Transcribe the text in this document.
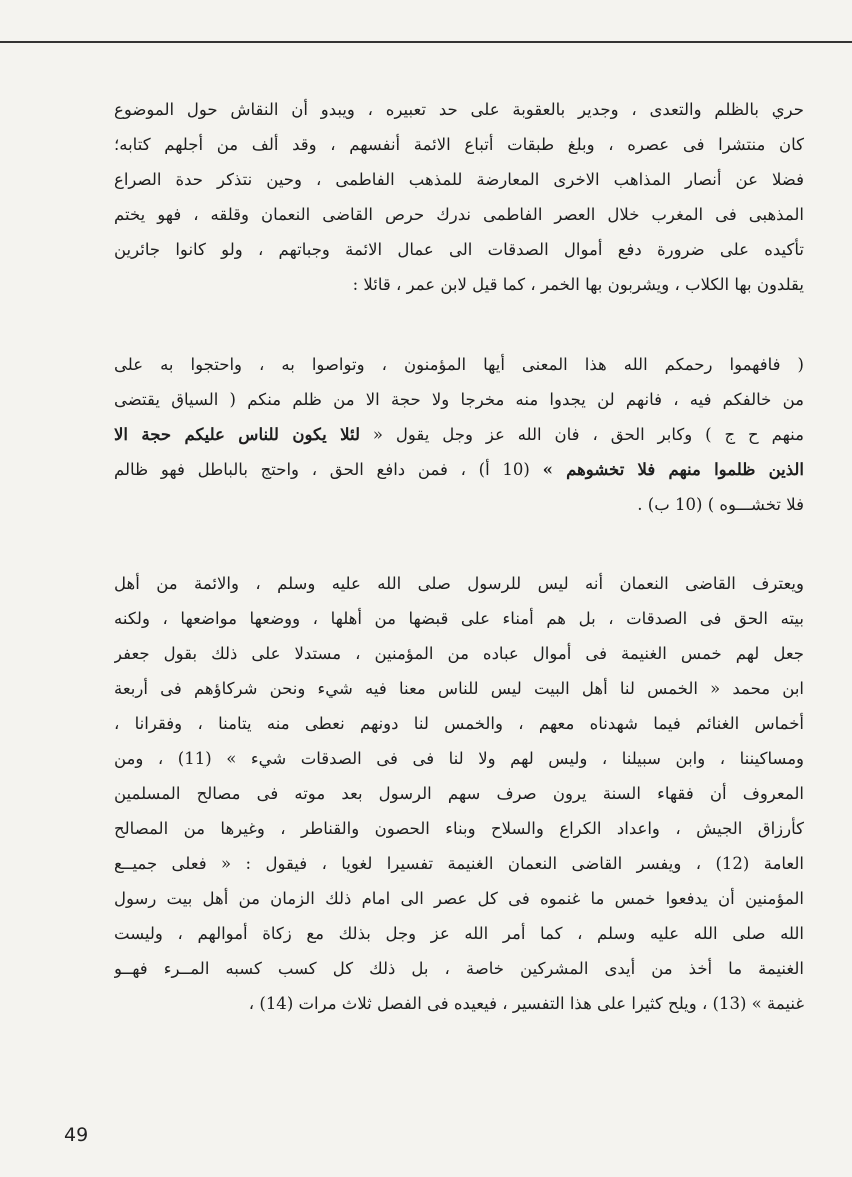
حري بالظلم والتعدى ، وجدير بالعقوبة على حد تعبيره ، ويبدو أن النقاش حول الموضوع
كان منتشرا فى عصره ، وبلغ طبقات أتباع الائمة أنفسهم ، وقد ألف من أجلهم كتابه؛
فضلا عن أنصار المذاهب الاخرى المعارضة للمذهب الفاطمى ، وحين نتذكر حدة الصراع
المذهبى فى المغرب خلال العصر الفاطمى ندرك حرص القاضى النعمان وقلقه ، فهو يختم
تأكيده على ضرورة دفع أموال الصدقات الى عمال الائمة وجباتهم ، ولو كانوا جائرين
يقلدون بها الكلاب ، ويشربون بها الخمر ، كما قيل لابن عمر ، قائلا :
( فافهموا رحمكم الله هذا المعنى أيها المؤمنون ، وتواصوا به ، واحتجوا به على
من خالفكم فيه ، فانهم لن يجدوا منه مخرجا ولا حجة الا من ظلم منكم ( السياق يقتضى
منهم ح ج ) وكابر الحق ، فان الله عز وجل يقول « لئلا يكون للناس عليكم حجة الا
الذين ظلموا منهم فلا تخشوهم » (10 أ) ، فمن دافع الحق ، واحتج بالباطل فهو ظالم
فلا تخشـــوه ) (10 ب) .
ويعترف القاضى النعمان أنه ليس للرسول صلى الله عليه وسلم ، والائمة من أهل
بيته الحق فى الصدقات ، بل هم أمناء على قبضها من أهلها ، ووضعها مواضعها ، ولكنه
جعل لهم خمس الغنيمة فى أموال عباده من المؤمنين ، مستدلا على ذلك بقول جعفر
ابن محمد « الخمس لنا أهل البيت ليس للناس معنا فيه شيء ونحن شركاؤهم فى أربعة
أخماس الغنائم فيما شهدناه معهم ، والخمس لنا دونهم نعطى منه يتامنا ، وفقرانا ،
ومساكيننا ، وابن سبيلنا ، وليس لهم ولا لنا فى فى الصدقات شيء » (11) ، ومن
المعروف أن فقهاء السنة يرون صرف سهم الرسول بعد موته فى مصالح المسلمين
كأرزاق الجيش ، واعداد الكراع والسلاح وبناء الحصون والقناطر ، وغيرها من المصالح
العامة (12) ، ويفسر القاضى النعمان الغنيمة تفسيرا لغويا ، فيقول : « فعلى جميــع
المؤمنين أن يدفعوا خمس ما غنموه فى كل عصر الى امام ذلك الزمان من أهل بيت رسول
الله صلى الله عليه وسلم ، كما أمر الله عز وجل بذلك مع زكاة أموالهم ، وليست
الغنيمة ما أخذ من أيدى المشركين خاصة ، بل ذلك كل كسب كسبه المــرء فهــو
غنيمة » (13) ، ويلح كثيرا على هذا التفسير ، فيعيده فى الفصل ثلاث مرات (14) ،
49
